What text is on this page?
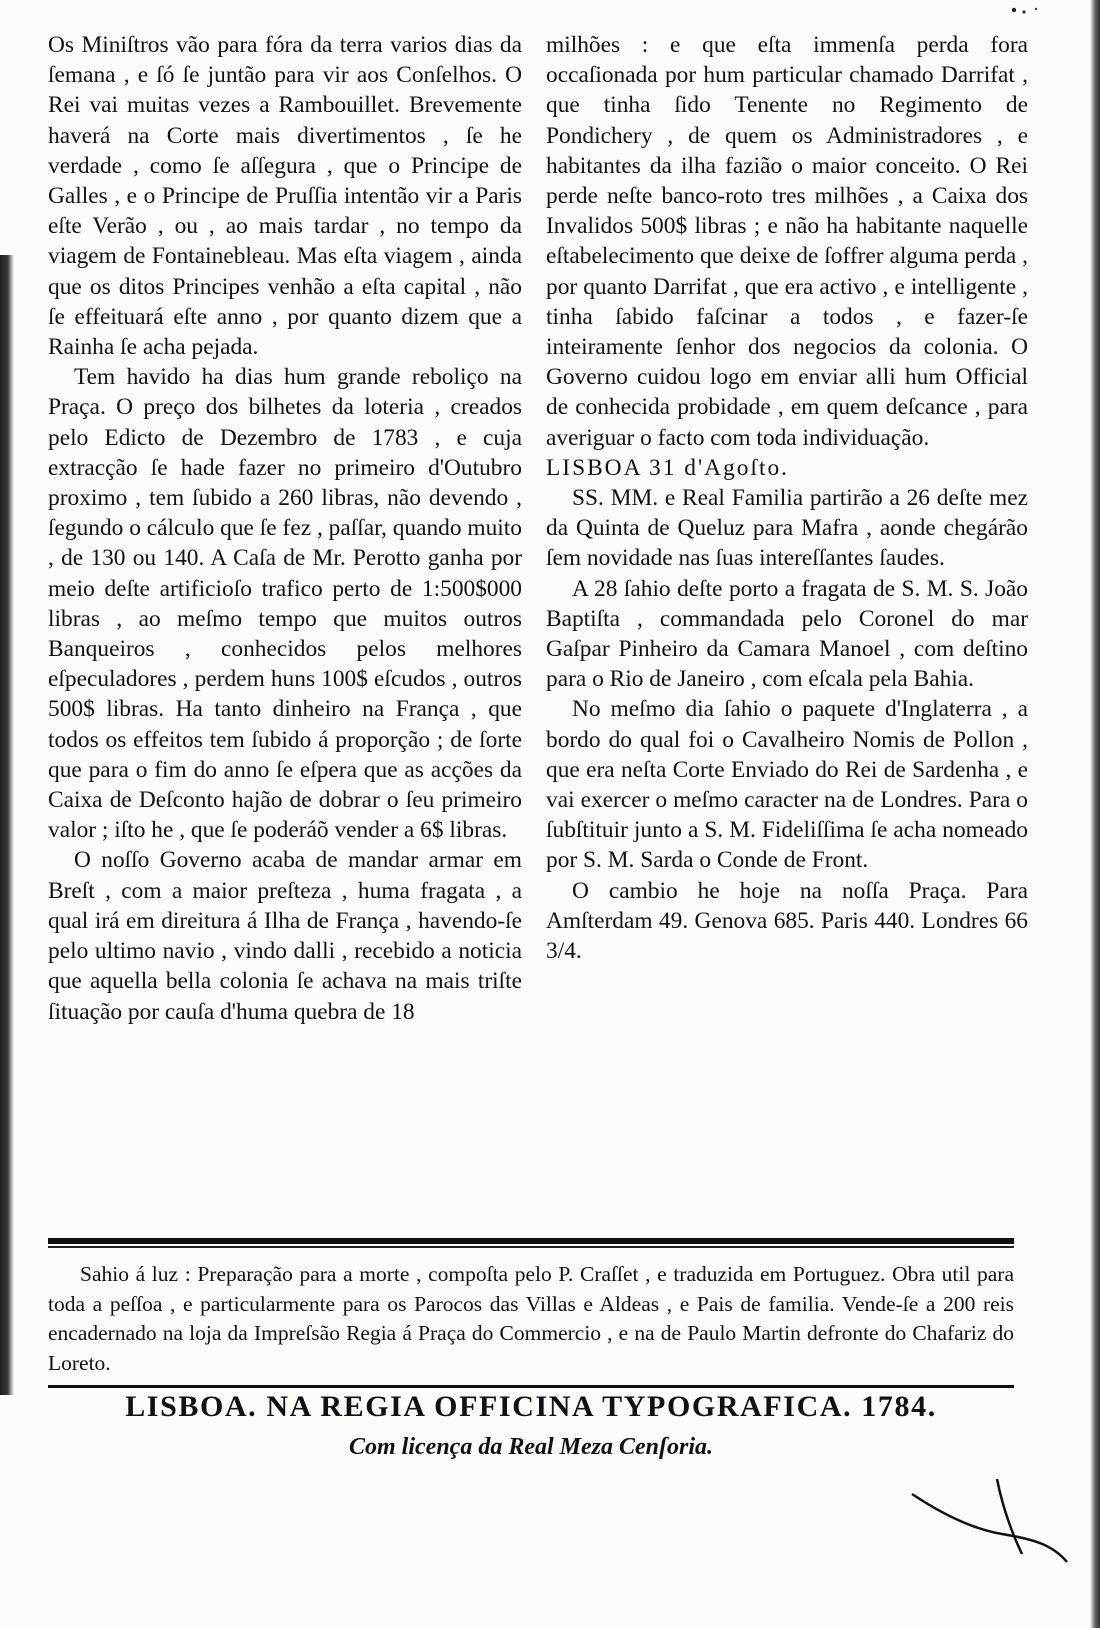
Os Miniſtros vão para fóra da terra varios dias da ſemana , e ſó ſe juntão para vir aos Conſelhos. O Rei vai muitas vezes a Rambouillet. Brevemente haverá na Corte mais divertimentos , ſe he verdade , como ſe aſſegura , que o Principe de Galles , e o Principe de Pruſſia intentão vir a Paris eſte Verão , ou , ao mais tardar , no tempo da viagem de Fontainebleau. Mas eſta viagem , ainda que os ditos Principes venhão a eſta capital , não ſe effeituará eſte anno , por quanto dizem que a Rainha ſe acha pejada.

Tem havido ha dias hum grande reboliço na Praça. O preço dos bilhetes da loteria , creados pelo Edicto de Dezembro de 1783 , e cuja extracção ſe hade fazer no primeiro d'Outubro proximo , tem ſubido a 260 libras, não devendo , ſegundo o cálculo que ſe fez , paſſar, quando muito , de 130 ou 140. A Caſa de Mr. Perotto ganha por meio deſte artificioſo trafico perto de 1:500$000 libras , ao meſmo tempo que muitos outros Banqueiros , conhecidos pelos melhores eſpeculadores , perdem huns 100$ eſcudos , outros 500$ libras. Ha tanto dinheiro na França , que todos os effeitos tem ſubido á proporção ; de ſorte que para o fim do anno ſe eſpera que as acções da Caixa de Deſconto hajão de dobrar o ſeu primeiro valor ; iſto he , que ſe poderáõ vender a 6$ libras.

O noſſo Governo acaba de mandar armar em Breſt , com a maior preſteza , huma fragata , a qual irá em direitura á Ilha de França , havendo-ſe pelo ultimo navio , vindo dalli , recebido a noticia que aquella bella colonia ſe achava na mais triſte ſituação por cauſa d'huma quebra de 18

milhões : e que eſta immenſa perda fora occaſionada por hum particular chamado Darrifat , que tinha ſido Tenente no Regimento de Pondichery , de quem os Administradores , e habitantes da ilha fazião o maior conceito. O Rei perde neſte banco-roto tres milhões , a Caixa dos Invalidos 500$ libras ; e não ha habitante naquelle eſtabelecimento que deixe de ſoffrer alguma perda , por quanto Darrifat , que era activo , e intelligente , tinha ſabido faſcinar a todos , e fazer-ſe inteiramente ſenhor dos negocios da colonia. O Governo cuidou logo em enviar alli hum Official de conhecida probidade , em quem deſcance , para averiguar o facto com toda individuação.

LISBOA 31 d'Agoſto.

SS. MM. e Real Familia partirão a 26 deſte mez da Quinta de Queluz para Mafra , aonde chegárão ſem novidade nas ſuas intereſſantes ſaudes.

A 28 ſahio deſte porto a fragata de S. M. S. João Baptiſta , commandada pelo Coronel do mar Gaſpar Pinheiro da Camara Manoel , com deſtino para o Rio de Janeiro , com eſcala pela Bahia.

No meſmo dia ſahio o paquete d'Inglaterra , a bordo do qual foi o Cavalheiro Nomis de Pollon , que era neſta Corte Enviado do Rei de Sardenha , e vai exercer o meſmo caracter na de Londres. Para o ſubſtituir junto a S. M. Fideliſſima ſe acha nomeado por S. M. Sarda o Conde de Front.

O cambio he hoje na noſſa Praça. Para Amſterdam 49. Genova 685. Paris 440. Londres 66 3/4.

Sahio á luz : Preparação para a morte , compoſta pelo P. Craſſet , e traduzida em Portuguez. Obra util para toda a peſſoa , e particularmente para os Parocos das Villas e Aldeas , e Pais de familia. Vende-ſe a 200 reis encadernado na loja da Impreſsão Regia á Praça do Commercio , e na de Paulo Martin defronte do Chafariz do Loreto.

LISBOA. NA REGIA OFFICINA TYPOGRAFICA. 1784.

Com licença da Real Meza Cenſoria.
